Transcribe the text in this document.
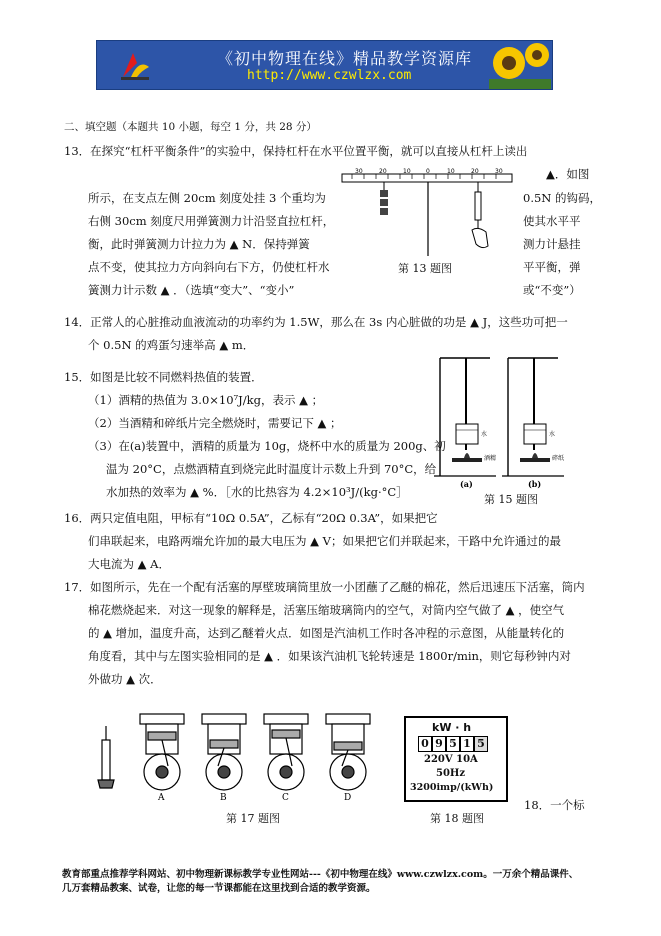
《初中物理在线》精品教学资源库
http://www.czwlzx.com
二、填空题（本题共 10 小题，每空 1 分，共 28 分）
13．在探究“杠杆平衡条件”的实验中，保持杠杆在水平位置平衡，就可以直接从杠杆上读出
▲．如图
所示，在支点左侧 20cm 刻度处挂 3 个重均为
右侧 30cm 刻度尺用弹簧测力计沿竖直拉杠杆，
衡，此时弹簧测力计拉力为 ▲ N．保持弹簧
点不变，使其拉力方向斜向右下方，仍使杠杆水
簧测力计示数 ▲ ．（选填“变大”、“变小”
0.5N 的钩码，
使其水平平
测力计悬挂
平平衡，弹
或“不变”）
30	20	10	0	10	20	30
第 13 题图
14．正常人的心脏推动血液流动的功率约为 1.5W，那么在 3s 内心脏做的功是 ▲ J，这些功可把一
个 0.5N 的鸡蛋匀速举高 ▲ m．
15．如图是比较不同燃料热值的装置．
（1）酒精的热值为 3.0×10⁷J/kg，表示 ▲ ；
（2）当酒精和碎纸片完全燃烧时，需要记下 ▲ ；
（3）在(a)装置中，酒精的质量为 10g，烧杯中水的质量为 200g、初
温为 20°C，点燃酒精直到烧完此时温度计示数上升到 70°C，给
水加热的效率为 ▲ %．［水的比热容为 4.2×10³J/(kg·°C］
水	水
酒精	碎纸
(a)	(b)
第 15 题图
16．两只定值电阻，甲标有“10Ω 0.5A”，乙标有“20Ω 0.3A”，如果把它
们串联起来，电路两端允许加的最大电压为 ▲ V；如果把它们并联起来，干路中允许通过的最
大电流为 ▲ A．
17．如图所示，先在一个配有活塞的厚壁玻璃筒里放一小团蘸了乙醚的棉花，然后迅速压下活塞，筒内
棉花燃烧起来．对这一现象的解释是，活塞压缩玻璃筒内的空气，对筒内空气做了 ▲ ，使空气
的 ▲ 增加，温度升高，达到乙醚着火点．如图是汽油机工作时各冲程的示意图，从能量转化的
角度看，其中与左图实验相同的是 ▲ ．如果该汽油机飞轮转速是 1800r/min，则它每秒钟内对
外做功 ▲ 次．
A	B	C	D
第 17 题图
kW · h
0 9 5 1 5
220V 10A
50Hz
3200imp/(kWh)
第 18 题图
18．一个标
教育部重点推荐学科网站、初中物理新课标教学专业性网站---《初中物理在线》www.czwlzx.com。一万余个精品课件、
几万套精品教案、试卷，让您的每一节课都能在这里找到合适的教学资源。
